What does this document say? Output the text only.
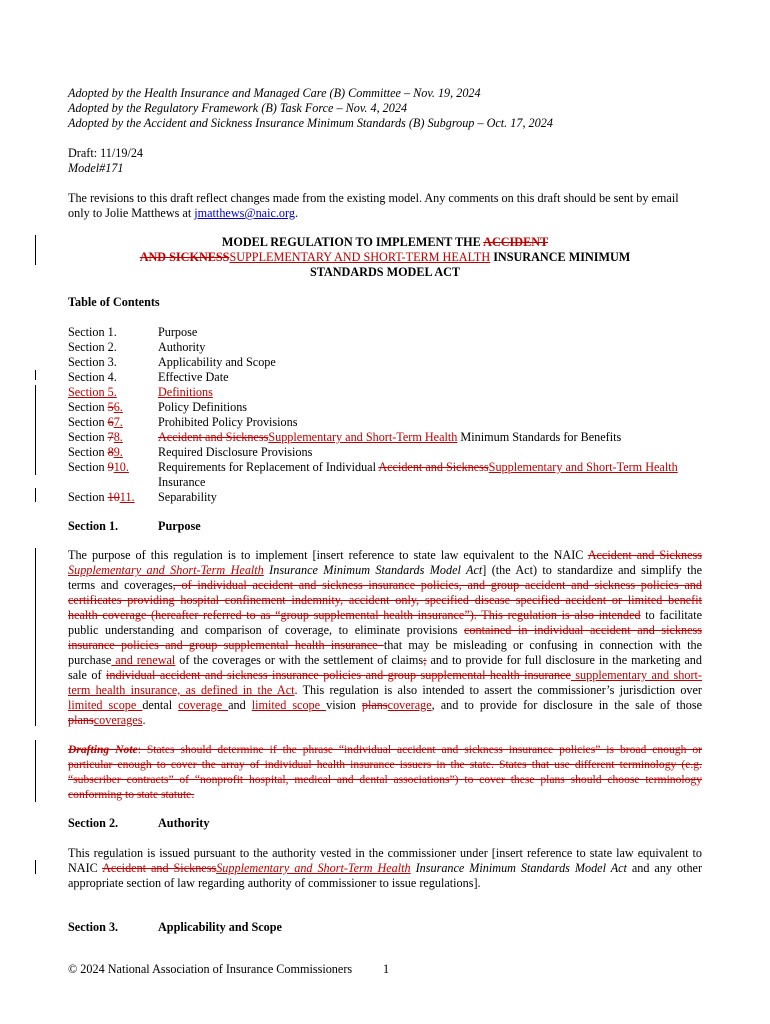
Adopted by the Health Insurance and Managed Care (B) Committee – Nov. 19, 2024
Adopted by the Regulatory Framework (B) Task Force – Nov. 4, 2024
Adopted by the Accident and Sickness Insurance Minimum Standards (B) Subgroup – Oct. 17, 2024
Draft: 11/19/24
Model#171
The revisions to this draft reflect changes made from the existing model. Any comments on this draft should be sent by email
only to Jolie Matthews at jmatthews@naic.org.
MODEL REGULATION TO IMPLEMENT THE ACCIDENT
AND SICKNESSSUPPLEMENTARY AND SHORT-TERM HEALTH INSURANCE MINIMUM
STANDARDS MODEL ACT
Table of Contents
Section 1.	Purpose
Section 2.	Authority
Section 3.	Applicability and Scope
Section 4.	Effective Date
Section 5.	Definitions
Section 56.	Policy Definitions
Section 67.	Prohibited Policy Provisions
Section 78.	Accident and SicknessSupplementary and Short-Term Health Minimum Standards for Benefits
Section 89.	Required Disclosure Provisions
Section 910. Requirements for Replacement of Individual Accident and SicknessSupplementary and Short-Term Health
Insurance
Section 1011. Separability
Section 1.	Purpose
The purpose of this regulation is to implement [insert reference to state law equivalent to the NAIC Accident and Sickness
Supplementary and Short-Term Health Insurance Minimum Standards Model Act] (the Act) to standardize and simplify the
terms and coverages, of individual accident and sickness insurance policies, and group accident and sickness policies and
certificates providing hospital confinement indemnity, accident only, specified disease specified accident or limited benefit
health coverage (hereafter referred to as “group supplemental health insurance”). This regulation is also intended to facilitate
public understanding and comparison of coverage, to eliminate provisions contained in individual accident and sickness
insurance policies and group supplemental health insurance that may be misleading or confusing in connection with the
purchase and renewal of the coverages or with the settlement of claims; and to provide for full disclosure in the marketing and
sale of individual accident and sickness insurance policies and group supplemental health insurance supplementary and short-
term health insurance, as defined in the Act. This regulation is also intended to assert the commissioner’s jurisdiction over
limited scope dental coverage and limited scope vision planscoverage, and to provide for disclosure in the sale of those
planscoverages.
Drafting Note: States should determine if the phrase “individual accident and sickness insurance policies” is broad enough or
particular enough to cover the array of individual health insurance issuers in the state. States that use different terminology (e.g.
“subscriber contracts” of “nonprofit hospital, medical and dental associations”) to cover these plans should choose terminology
conforming to state statute.
Section 2.	Authority
This regulation is issued pursuant to the authority vested in the commissioner under [insert reference to state law equivalent to
NAIC Accident and SicknessSupplementary and Short-Term Health Insurance Minimum Standards Model Act and any other
appropriate section of law regarding authority of commissioner to issue regulations].
Section 3.	Applicability and Scope
© 2024 National Association of Insurance Commissioners	1
